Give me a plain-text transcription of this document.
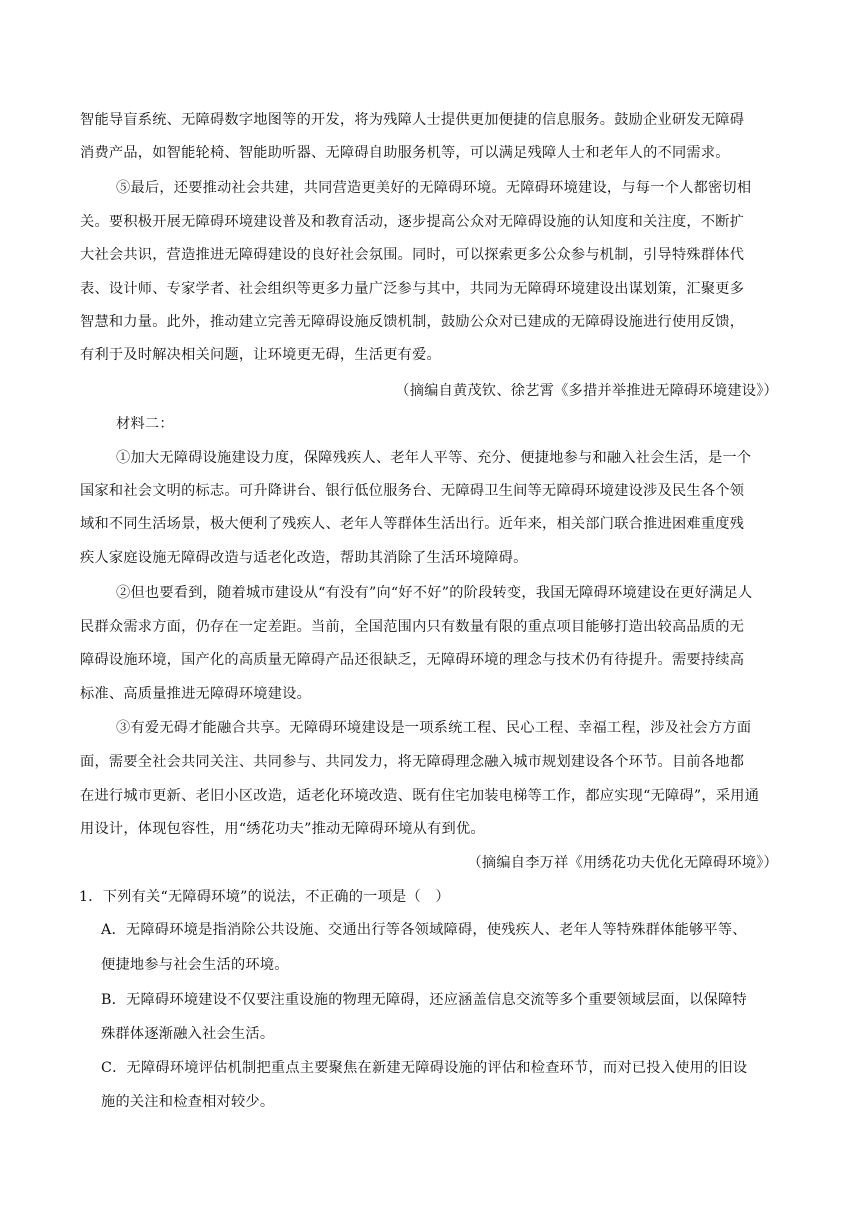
智能导盲系统、无障碍数字地图等的开发，将为残障人士提供更加便捷的信息服务。鼓励企业研发无障碍
消费产品，如智能轮椅、智能助听器、无障碍自助服务机等，可以满足残障人士和老年人的不同需求。
⑤最后，还要推动社会共建，共同营造更美好的无障碍环境。无障碍环境建设，与每一个人都密切相
关。要积极开展无障碍环境建设普及和教育活动，逐步提高公众对无障碍设施的认知度和关注度，不断扩
大社会共识，营造推进无障碍建设的良好社会氛围。同时，可以探索更多公众参与机制，引导特殊群体代
表、设计师、专家学者、社会组织等更多力量广泛参与其中，共同为无障碍环境建设出谋划策，汇聚更多
智慧和力量。此外，推动建立完善无障碍设施反馈机制，鼓励公众对已建成的无障碍设施进行使用反馈，
有利于及时解决相关问题，让环境更无碍，生活更有爱。
（摘编自黄茂钦、徐艺霄《多措并举推进无障碍环境建设》）
材料二：
①加大无障碍设施建设力度，保障残疾人、老年人平等、充分、便捷地参与和融入社会生活，是一个
国家和社会文明的标志。可升降讲台、银行低位服务台、无障碍卫生间等无障碍环境建设涉及民生各个领
域和不同生活场景，极大便利了残疾人、老年人等群体生活出行。近年来，相关部门联合推进困难重度残
疾人家庭设施无障碍改造与适老化改造，帮助其消除了生活环境障碍。
②但也要看到，随着城市建设从“有没有”向“好不好”的阶段转变，我国无障碍环境建设在更好满足人
民群众需求方面，仍存在一定差距。当前，全国范围内只有数量有限的重点项目能够打造出较高品质的无
障碍设施环境，国产化的高质量无障碍产品还很缺乏，无障碍环境的理念与技术仍有待提升。需要持续高
标准、高质量推进无障碍环境建设。
③有爱无碍才能融合共享。无障碍环境建设是一项系统工程、民心工程、幸福工程，涉及社会方方面
面，需要全社会共同关注、共同参与、共同发力，将无障碍理念融入城市规划建设各个环节。目前各地都
在进行城市更新、老旧小区改造，适老化环境改造、既有住宅加装电梯等工作，都应实现“无障碍”，采用通
用设计，体现包容性，用“绣花功夫”推动无障碍环境从有到优。
（摘编自李万祥《用绣花功夫优化无障碍环境》）
1．下列有关“无障碍环境”的说法，不正确的一项是（　）
A．无障碍环境是指消除公共设施、交通出行等各领域障碍，使残疾人、老年人等特殊群体能够平等、
便捷地参与社会生活的环境。
B．无障碍环境建设不仅要注重设施的物理无障碍，还应涵盖信息交流等多个重要领域层面，以保障特
殊群体逐渐融入社会生活。
C．无障碍环境评估机制把重点主要聚焦在新建无障碍设施的评估和检查环节，而对已投入使用的旧设
施的关注和检查相对较少。
